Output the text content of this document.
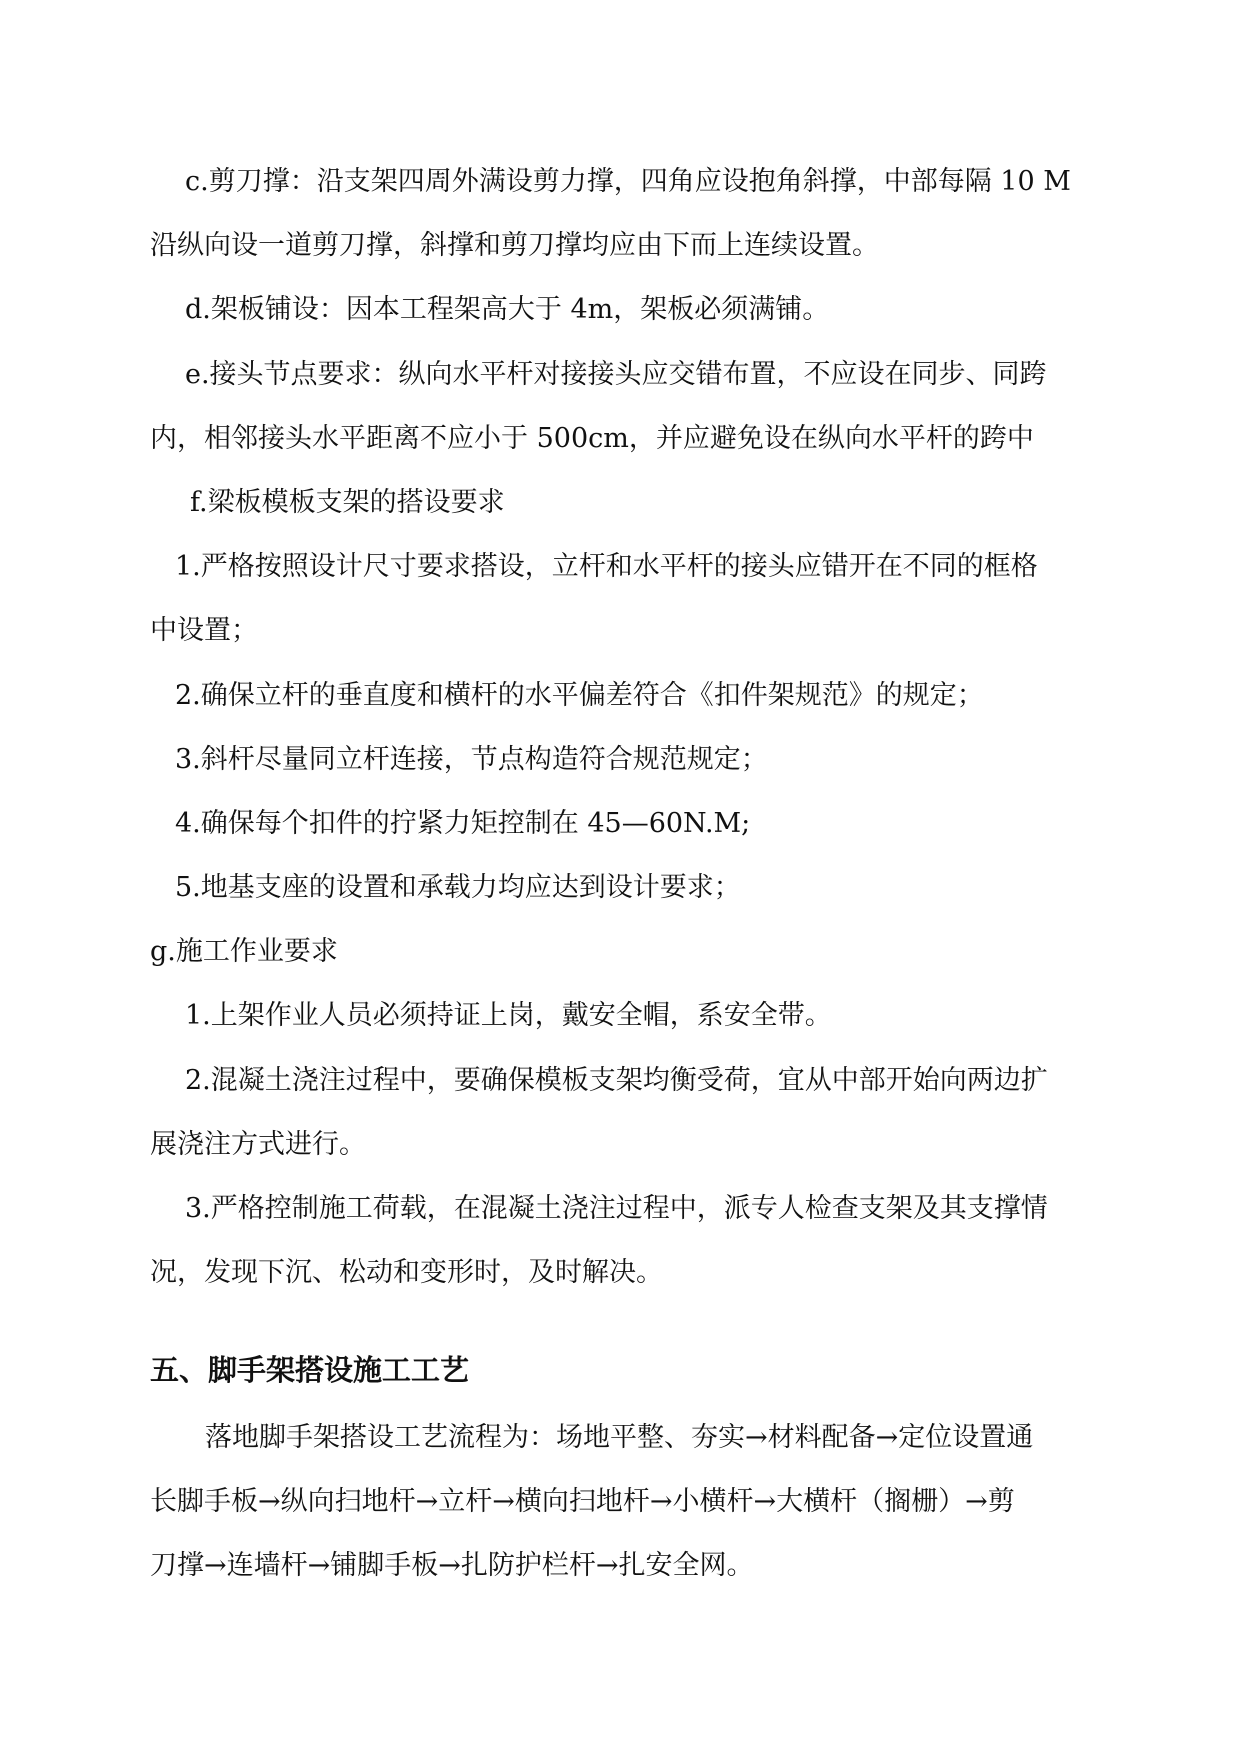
c.剪刀撑：沿支架四周外满设剪力撑，四角应设抱角斜撑，中部每隔 10 M
沿纵向设一道剪刀撑，斜撑和剪刀撑均应由下而上连续设置。
d.架板铺设：因本工程架高大于 4m，架板必须满铺。
e.接头节点要求：纵向水平杆对接接头应交错布置，不应设在同步、同跨
内，相邻接头水平距离不应小于 500cm，并应避免设在纵向水平杆的跨中
f.梁板模板支架的搭设要求
1.严格按照设计尺寸要求搭设，立杆和水平杆的接头应错开在不同的框格
中设置；
2.确保立杆的垂直度和横杆的水平偏差符合《扣件架规范》的规定；
3.斜杆尽量同立杆连接，节点构造符合规范规定；
4.确保每个扣件的拧紧力矩控制在 45—60N.M;
5.地基支座的设置和承载力均应达到设计要求；
g.施工作业要求
1.上架作业人员必须持证上岗，戴安全帽，系安全带。
2.混凝土浇注过程中，要确保模板支架均衡受荷，宜从中部开始向两边扩
展浇注方式进行。
3.严格控制施工荷载，在混凝土浇注过程中，派专人检查支架及其支撑情
况，发现下沉、松动和变形时，及时解决。
五、脚手架搭设施工工艺
落地脚手架搭设工艺流程为：场地平整、夯实→材料配备→定位设置通
长脚手板→纵向扫地杆→立杆→横向扫地杆→小横杆→大横杆（搁栅）→剪
刀撑→连墙杆→铺脚手板→扎防护栏杆→扎安全网。
